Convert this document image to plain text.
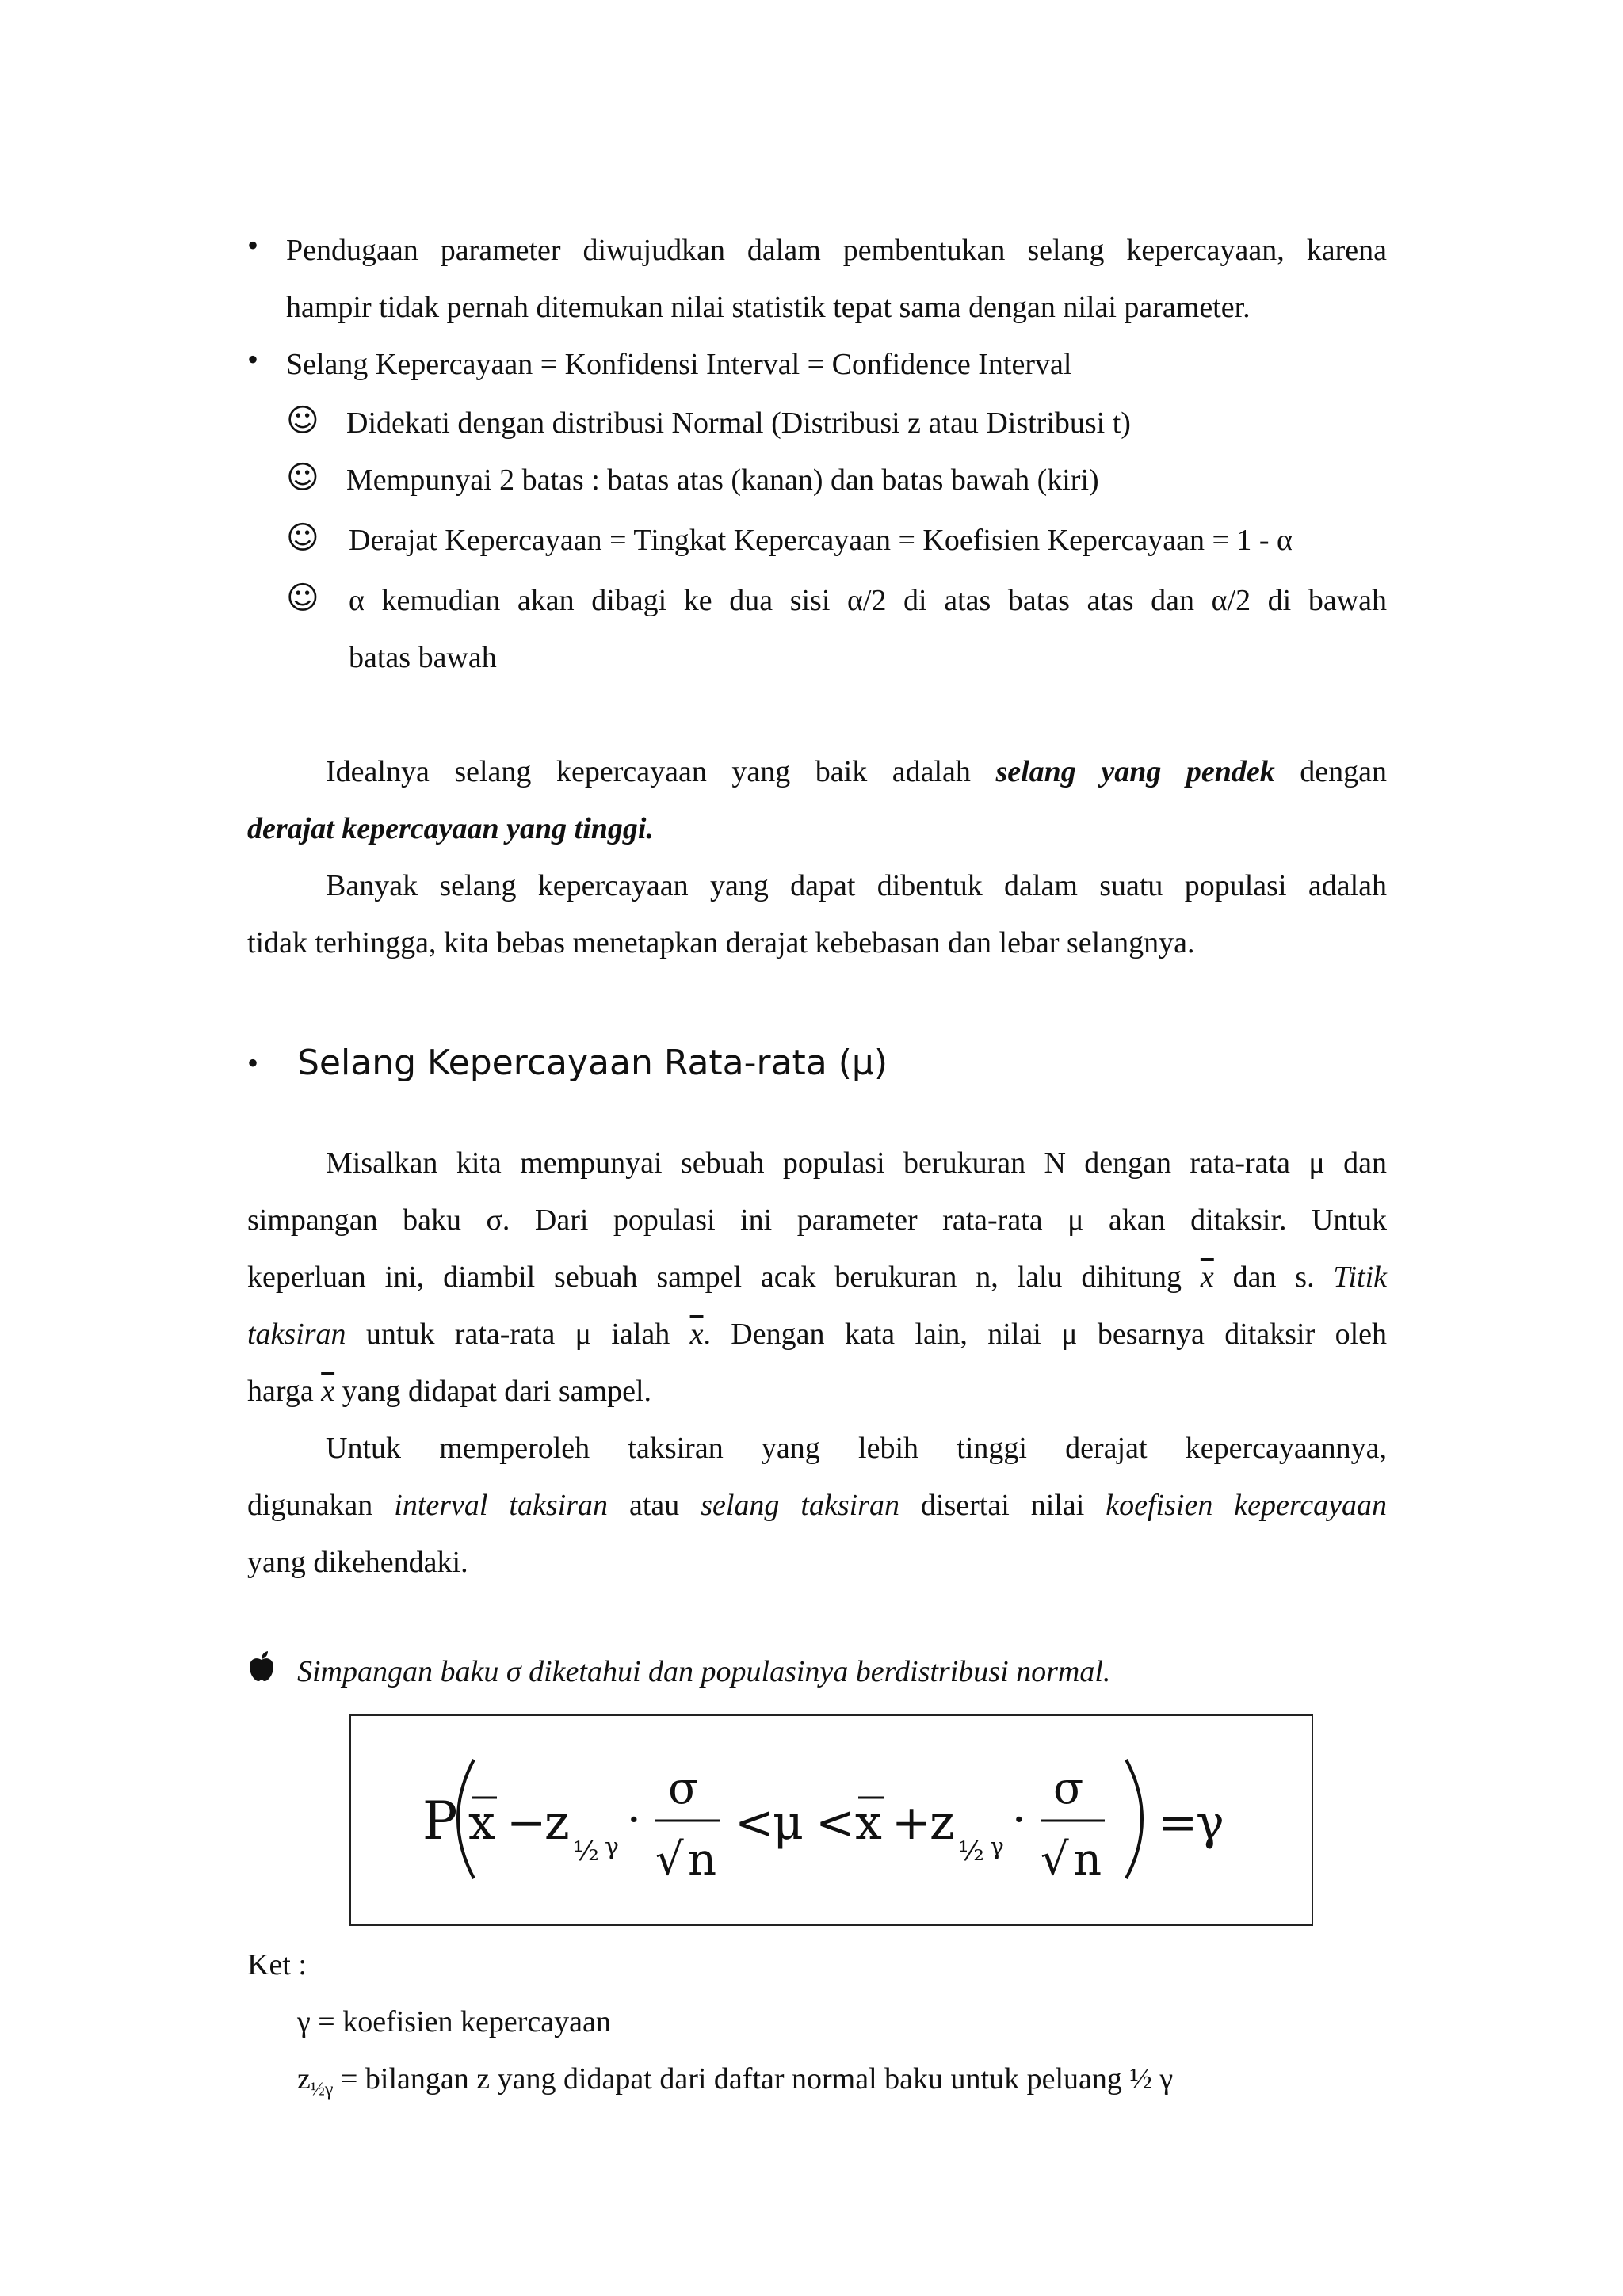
• Pendugaan parameter diwujudkan dalam pembentukan selang kepercayaan, karena
hampir tidak pernah ditemukan nilai statistik tepat sama dengan nilai parameter.
• Selang Kepercayaan = Konfidensi Interval = Confidence Interval
☺ Didekati dengan distribusi Normal (Distribusi z atau Distribusi t)
☺ Mempunyai 2 batas : batas atas (kanan) dan batas bawah (kiri)
☺ Derajat Kepercayaan = Tingkat Kepercayaan = Koefisien Kepercayaan = 1 - α
☺ α kemudian akan dibagi ke dua sisi α/2 di atas batas atas dan α/2 di bawah
batas bawah
Idealnya selang kepercayaan yang baik adalah selang yang pendek dengan
derajat kepercayaan yang tinggi.
Banyak selang kepercayaan yang dapat dibentuk dalam suatu populasi adalah
tidak terhingga, kita bebas menetapkan derajat kebebasan dan lebar selangnya.
• Selang Kepercayaan Rata-rata (μ)
Misalkan kita mempunyai sebuah populasi berukuran N dengan rata-rata μ dan
simpangan baku σ. Dari populasi ini parameter rata-rata μ akan ditaksir. Untuk
keperluan ini, diambil sebuah sampel acak berukuran n, lalu dihitung $\overline{x}$ dan s. Titik
taksiran untuk rata-rata μ ialah $\overline{x}$. Dengan kata lain, nilai μ besarnya ditaksir oleh
harga $\overline{x}$ yang didapat dari sampel.
Untuk memperoleh taksiran yang lebih tinggi derajat kepercayaannya,
digunakan interval taksiran atau selang taksiran disertai nilai koefisien kepercayaan
yang dikehendaki.
Simpangan baku σ diketahui dan populasinya berdistribusi normal.
P x −
z
½ γ
·
σ
√ n
<
μ < x +
z
½ γ
·
σ
√ n
=
γ
Ket :
γ = koefisien kepercayaan
$z_{\frac{1}{2}\gamma}$ = bilangan z yang didapat dari daftar normal baku untuk peluang ½ γ
